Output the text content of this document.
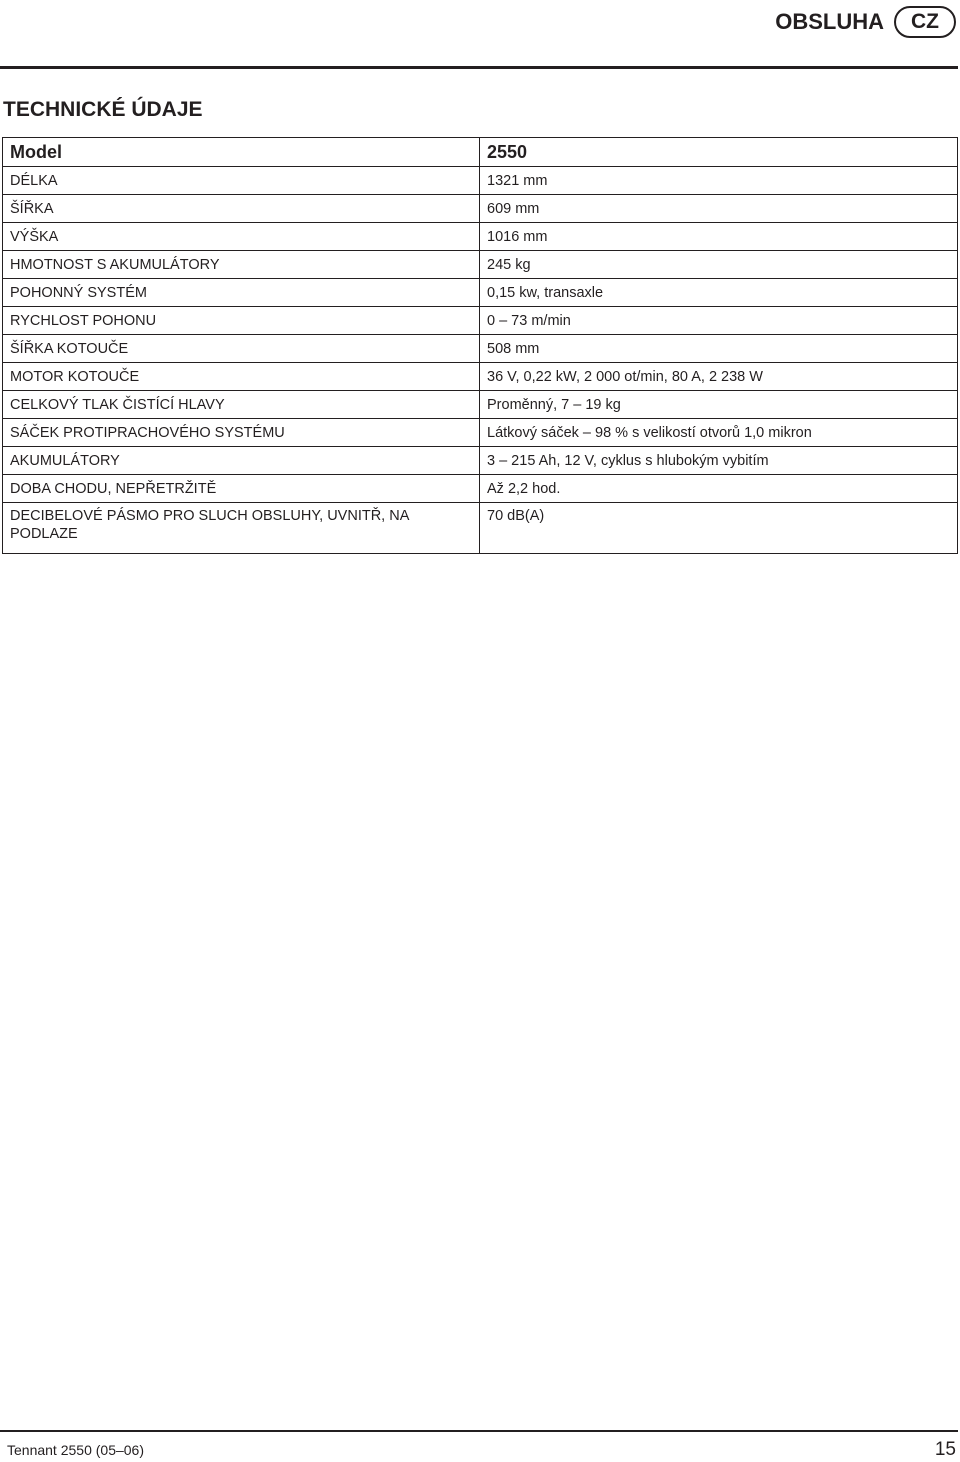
OBSLUHA	CZ
TECHNICKÉ ÚDAJE
Model	2550
DÉLKA	1321 mm
ŠÍŘKA	609 mm
VÝŠKA	1016 mm
HMOTNOST S AKUMULÁTORY	245 kg
POHONNÝ SYSTÉM	0,15 kw, transaxle
RYCHLOST POHONU	0 – 73 m/min
ŠÍŘKA KOTOUČE	508 mm
MOTOR KOTOUČE	36 V, 0,22 kW, 2 000 ot/min, 80 A, 2 238 W
CELKOVÝ TLAK ČISTÍCÍ HLAVY	Proměnný, 7 – 19 kg
SÁČEK PROTIPRACHOVÉHO SYSTÉMU	Látkový sáček – 98 % s velikostí otvorů 1,0 mikron
AKUMULÁTORY	3 – 215 Ah, 12 V, cyklus s hlubokým vybitím
DOBA CHODU, NEPŘETRŽITĚ	Až 2,2 hod.
DECIBELOVÉ PÁSMO PRO SLUCH OBSLUHY, UVNITŘ, NA PODLAZE	70 dB(A)
Tennant 2550 (05–06)	15
